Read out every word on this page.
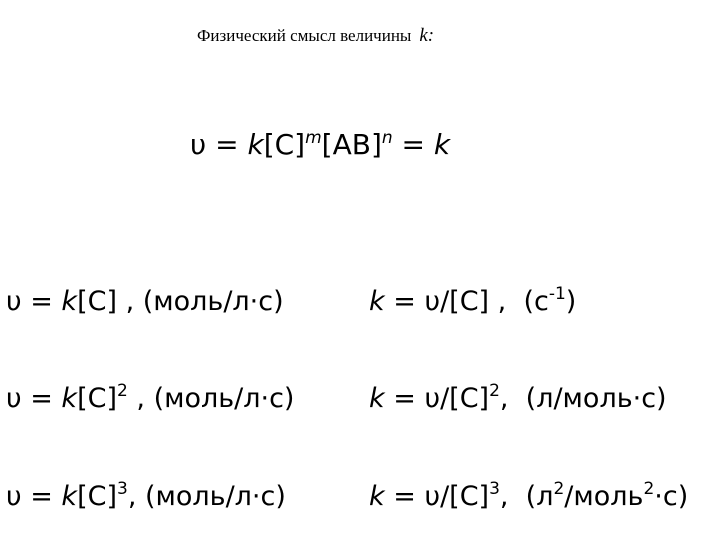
Физический смысл величины k:
$\upsilon = k[C]^m[AB]^n = k$
υ = k[C] , (моль/л·с)	k = υ/[C] ,  $(с^{-1})$
$\upsilon = k[C]^2$ , (моль/л·с)	$k = \upsilon/[C]^2$,  (л/моль·с)
$\upsilon = k[C]^3$, (моль/л·с)	$k = \upsilon/[C]^3$,  $(л^2/моль^2\cdot с)$
